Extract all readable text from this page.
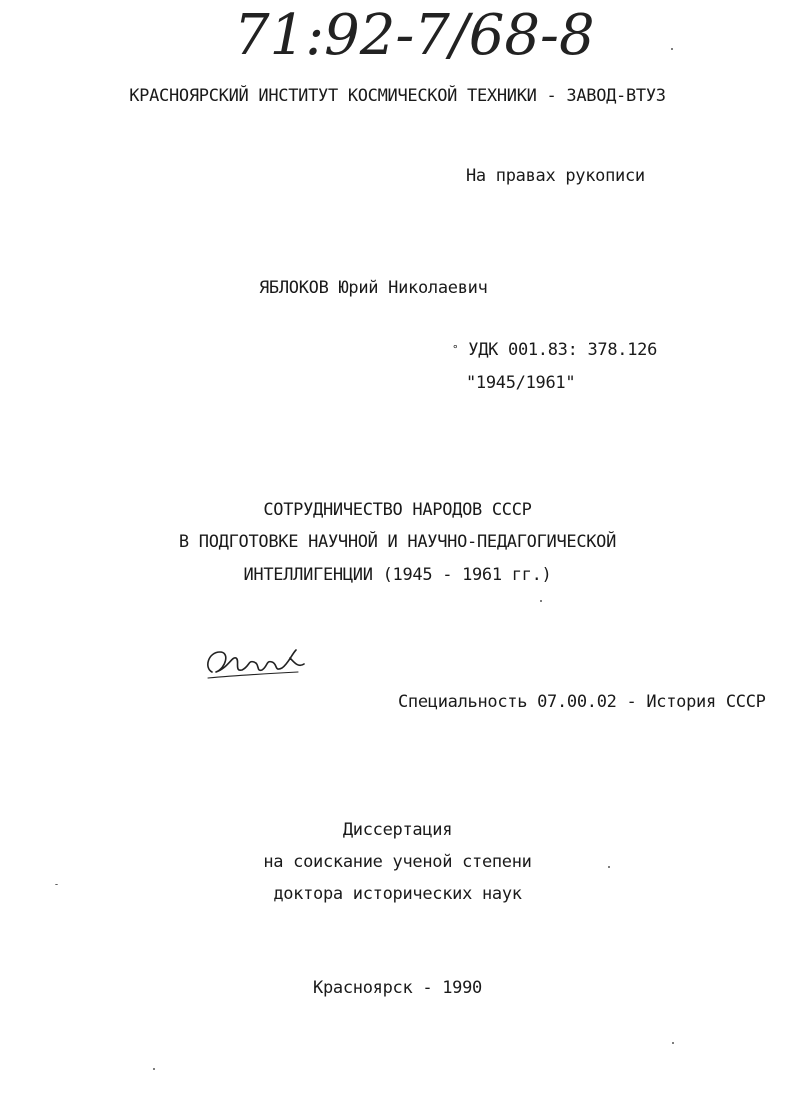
71:92-7/68-8
КРАСНОЯРСКИЙ ИНСТИТУТ КОСМИЧЕСКОЙ ТЕХНИКИ - ЗАВОД-ВТУЗ
На правах рукописи
ЯБЛОКОВ Юрий Николаевич
° УДК 001.83: 378.126
"1945/1961"
СОТРУДНИЧЕСТВО НАРОДОВ СССР
В ПОДГОТОВКЕ НАУЧНОЙ И НАУЧНО-ПЕДАГОГИЧЕСКОЙ
ИНТЕЛЛИГЕНЦИИ (1945 - 1961 гг.)
Яблоков
Специальность 07.00.02 - История СССР
Диссертация
на соискание ученой степени
доктора исторических наук
Красноярск - 1990
